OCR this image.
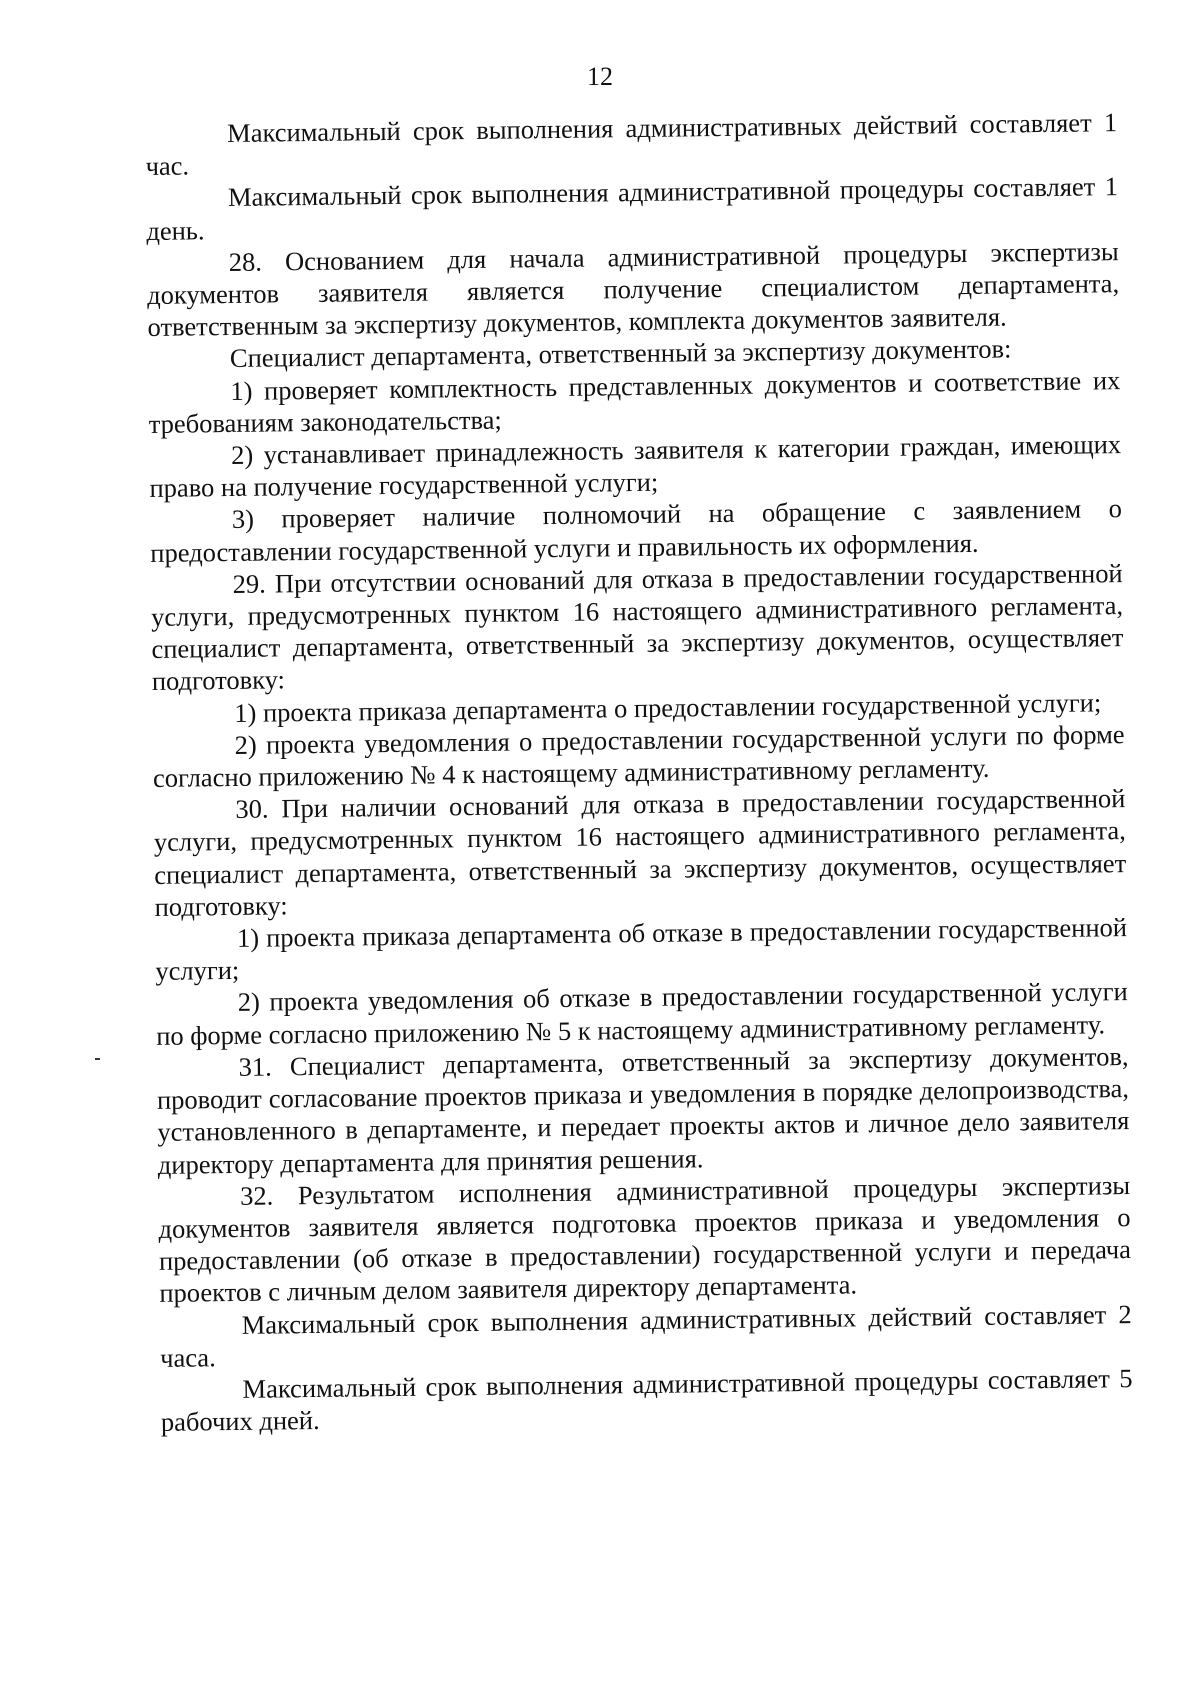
12

Максимальный срок выполнения административных действий составляет 1 час.

Максимальный срок выполнения административной процедуры составляет 1 день.

28. Основанием для начала административной процедуры экспертизы документов заявителя является получение специалистом департамента, ответственным за экспертизу документов, комплекта документов заявителя.

Специалист департамента, ответственный за экспертизу документов:

1) проверяет комплектность представленных документов и соответствие их требованиям законодательства;

2) устанавливает принадлежность заявителя к категории граждан, имеющих право на получение государственной услуги;

3) проверяет наличие полномочий на обращение с заявлением о предоставлении государственной услуги и правильность их оформления.

29. При отсутствии оснований для отказа в предоставлении государственной услуги, предусмотренных пунктом 16 настоящего административного регламента, специалист департамента, ответственный за экспертизу документов, осуществляет подготовку:

1) проекта приказа департамента о предоставлении государственной услуги;

2) проекта уведомления о предоставлении государственной услуги по форме согласно приложению № 4 к настоящему административному регламенту.

30. При наличии оснований для отказа в предоставлении государственной услуги, предусмотренных пунктом 16 настоящего административного регламента, специалист департамента, ответственный за экспертизу документов, осуществляет подготовку:

1) проекта приказа департамента об отказе в предоставлении государственной услуги;

2) проекта уведомления об отказе в предоставлении государственной услуги по форме согласно приложению № 5 к настоящему административному регламенту.

31. Специалист департамента, ответственный за экспертизу документов, проводит согласование проектов приказа и уведомления в порядке делопроизводства, установленного в департаменте, и передает проекты актов и личное дело заявителя директору департамента для принятия решения.

32. Результатом исполнения административной процедуры экспертизы документов заявителя является подготовка проектов приказа и уведомления о предоставлении (об отказе в предоставлении) государственной услуги и передача проектов с личным делом заявителя директору департамента.

Максимальный срок выполнения административных действий составляет 2 часа.

Максимальный срок выполнения административной процедуры составляет 5 рабочих дней.
